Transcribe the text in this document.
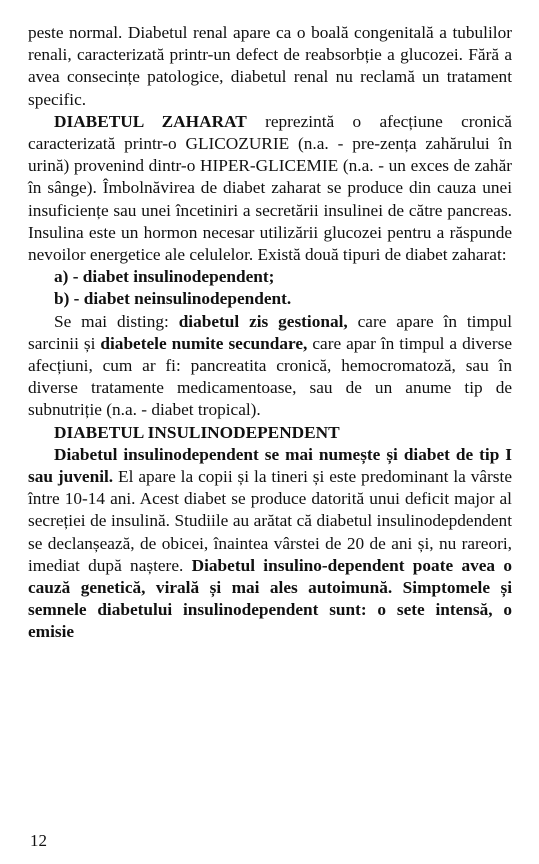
peste normal. Diabetul renal apare ca o boală congenitală a tubulilor renali, caracterizată printr-un defect de reabsorbție a glucozei. Fără a avea consecințe patologice, diabetul renal nu reclamă un tratament specific.

DIABETUL ZAHARAT reprezintă o afecțiune cronică caracterizată printr-o GLICOZURIE (n.a. - pre-zența zahărului în urină) provenind dintr-o HIPER-GLICEMIE (n.a. - un exces de zahăr în sânge). Îmbolnăvirea de diabet zaharat se produce din cauza unei insuficiențe sau unei încetiniri a secretării insulinei de către pancreas. Insulina este un hormon necesar utilizării glucozei pentru a răspunde nevoilor energetice ale celulelor. Există două tipuri de diabet zaharat:

a) - diabet insulinodependent;

b) - diabet neinsulinodependent.

Se mai disting: diabetul zis gestional, care apare în timpul sarcinii și diabetele numite secundare, care apar în timpul a diverse afecțiuni, cum ar fi: pancreatita cronică, hemocromatoză, sau în diverse tratamente medicamentoase, sau de un anume tip de subnutriție (n.a. - diabet tropical).

DIABETUL INSULINODEPENDENT

Diabetul insulinodependent se mai numește și diabet de tip I sau juvenil. El apare la copii și la tineri și este predominant la vârste între 10-14 ani. Acest diabet se produce datorită unui deficit major al secreției de insulină. Studiile au arătat că diabetul insulinodepdendent se declanșează, de obicei, înaintea vârstei de 20 de ani și, nu rareori, imediat după naștere. Diabetul insulino-dependent poate avea o cauză genetică, virală și mai ales autoimună. Simptomele și semnele diabetului insulinodependent sunt: o sete intensă, o emisie

12
